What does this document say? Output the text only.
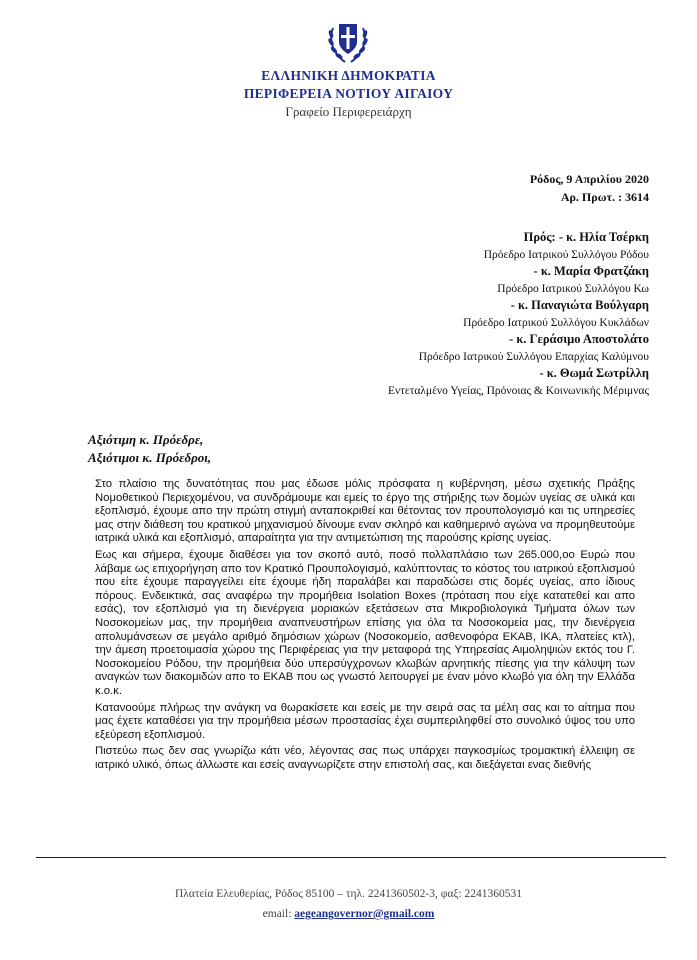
ΕΛΛΗΝΙΚΗ ΔΗΜΟΚΡΑΤΙΑ
ΠΕΡΙΦΕΡΕΙΑ ΝΟΤΙΟΥ ΑΙΓΑΙΟΥ
Γραφείο Περιφερειάρχη
Ρόδος, 9 Απριλίου 2020
Αρ. Πρωτ. : 3614
Πρός: - κ. Ηλία Τσέρκη
Πρόεδρο Ιατρικού Συλλόγου Ρόδου
- κ. Μαρία Φρατζάκη
Πρόεδρο Ιατρικού Συλλόγου Κω
- κ. Παναγιώτα Βούλγαρη
Πρόεδρο Ιατρικού Συλλόγου Κυκλάδων
- κ. Γεράσιμο Αποστολάτο
Πρόεδρο Ιατρικού Συλλόγου Επαρχίας Καλύμνου
- κ. Θωμά Σωτρίλλη
Εντεταλμένο Υγείας, Πρόνοιας & Κοινωνικής Μέριμνας
Αξιότιμη κ. Πρόεδρε,
Αξιότιμοι κ. Πρόεδροι,

Στο πλαίσιο της δυνατότητας που μας έδωσε μόλις πρόσφατα η κυβέρνηση, μέσω σχετικής Πράξης Νομοθετικού Περιεχομένου, να συνδράμουμε και εμείς το έργο της στήριξης των δομών υγείας σε υλικά και εξοπλισμό, έχουμε απο την πρώτη στιγμή ανταποκριθεί και θέτοντας τον προυπολογισμό και τις υπηρεσίες μας στην διάθεση του κρατικού μηχανισμού δίνουμε εναν σκληρό και καθημερινό αγώνα να προμηθευτούμε ιατρικά υλικά και εξοπλισμό, απαραίτητα για την αντιμετώπιση της παρούσης κρίσης υγείας.

Εως και σήμερα, έχουμε διαθέσει για τον σκοπό αυτό, ποσό πολλαπλάσιο των 265.000,oo Ευρώ που λάβαμε ως επιχορήγηση απο τον Κρατικό Προυπολογισμό, καλύπτοντας το κόστος του ιατρικού εξοπλισμού που είτε έχουμε παραγγείλει είτε έχουμε ήδη παραλάβει και παραδώσει στις δομές υγείας, απο ίδιους πόρους. Ενδεικτικά, σας αναφέρω την προμήθεια Isolation Boxes (πρόταση που είχε κατατεθεί και απο εσάς), τον εξοπλισμό για τη διενέργεια μοριακών εξετάσεων στα Μικροβιολογικά Τμήματα όλων των Νοσοκομείων μας, την προμήθεια αναπνευστήρων επίσης για όλα τα Νοσοκομεία μας, την διενέργεια απολυμάνσεων σε μεγάλο αριθμό δημόσιων χώρων (Νοσοκομείο, ασθενοφόρα ΕΚΑΒ, ΙΚΑ, πλατείες κτλ), την άμεση προετοιμασία χώρου της Περιφέρειας για την μεταφορά της Υπηρεσίας Αιμοληψιών εκτός του Γ. Νοσοκομείου Ρόδου, την προμήθεια δύο υπερσύγχρονων κλωβών αρνητικής πίεσης για την κάλυψη των αναγκών των διακομιδών απο το ΕΚΑΒ που ως γνωστό λειτουργεί με έναν μόνο κλωβό για όλη την Ελλάδα κ.ο.κ.

Κατανοούμε πλήρως την ανάγκη να θωρακίσετε και εσείς με την σειρά σας τα μέλη σας και το αίτημα που μας έχετε καταθέσει για την προμήθεια μέσων προστασίας έχει συμπεριληφθεί στο συνολικό ύψος του υπο εξεύρεση εξοπλισμού.

Πιστεύω πως δεν σας γνωρίζω κάτι νέο, λέγοντας σας πως υπάρχει παγκοσμίως τρομακτική έλλειψη σε ιατρικό υλικό, όπως άλλωστε και εσείς αναγνωρίζετε στην επιστολή σας, και διεξάγεται ενας διεθνής

Πλατεία Ελευθερίας, Ρόδος 85100 – τηλ. 2241360502-3, φαξ: 2241360531
email: aegeangovernor@gmail.com
